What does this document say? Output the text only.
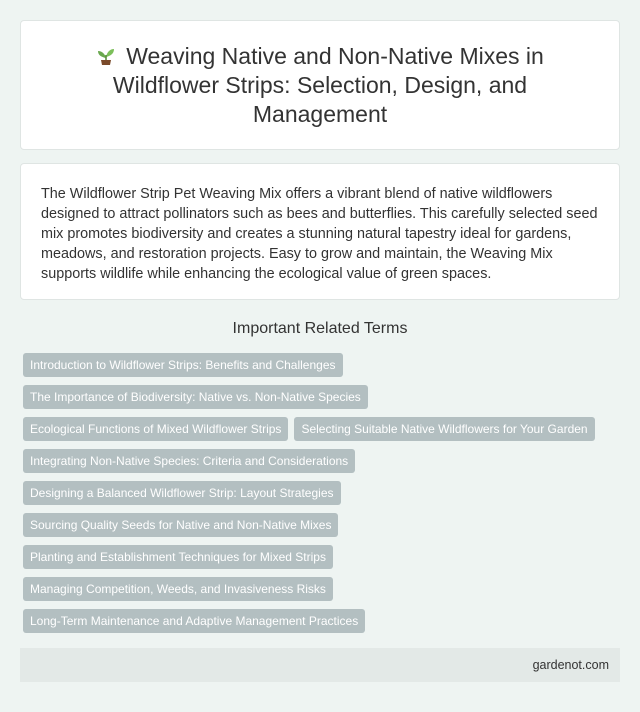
Weaving Native and Non-Native Mixes in Wildflower Strips: Selection, Design, and Management

The Wildflower Strip Pet Weaving Mix offers a vibrant blend of native wildflowers designed to attract pollinators such as bees and butterflies. This carefully selected seed mix promotes biodiversity and creates a stunning natural tapestry ideal for gardens, meadows, and restoration projects. Easy to grow and maintain, the Weaving Mix supports wildlife while enhancing the ecological value of green spaces.

Important Related Terms
Introduction to Wildflower Strips: Benefits and Challenges
The Importance of Biodiversity: Native vs. Non-Native Species
Ecological Functions of Mixed Wildflower Strips	Selecting Suitable Native Wildflowers for Your Garden
Integrating Non-Native Species: Criteria and Considerations
Designing a Balanced Wildflower Strip: Layout Strategies
Sourcing Quality Seeds for Native and Non-Native Mixes
Planting and Establishment Techniques for Mixed Strips
Managing Competition, Weeds, and Invasiveness Risks
Long-Term Maintenance and Adaptive Management Practices
gardenot.com
